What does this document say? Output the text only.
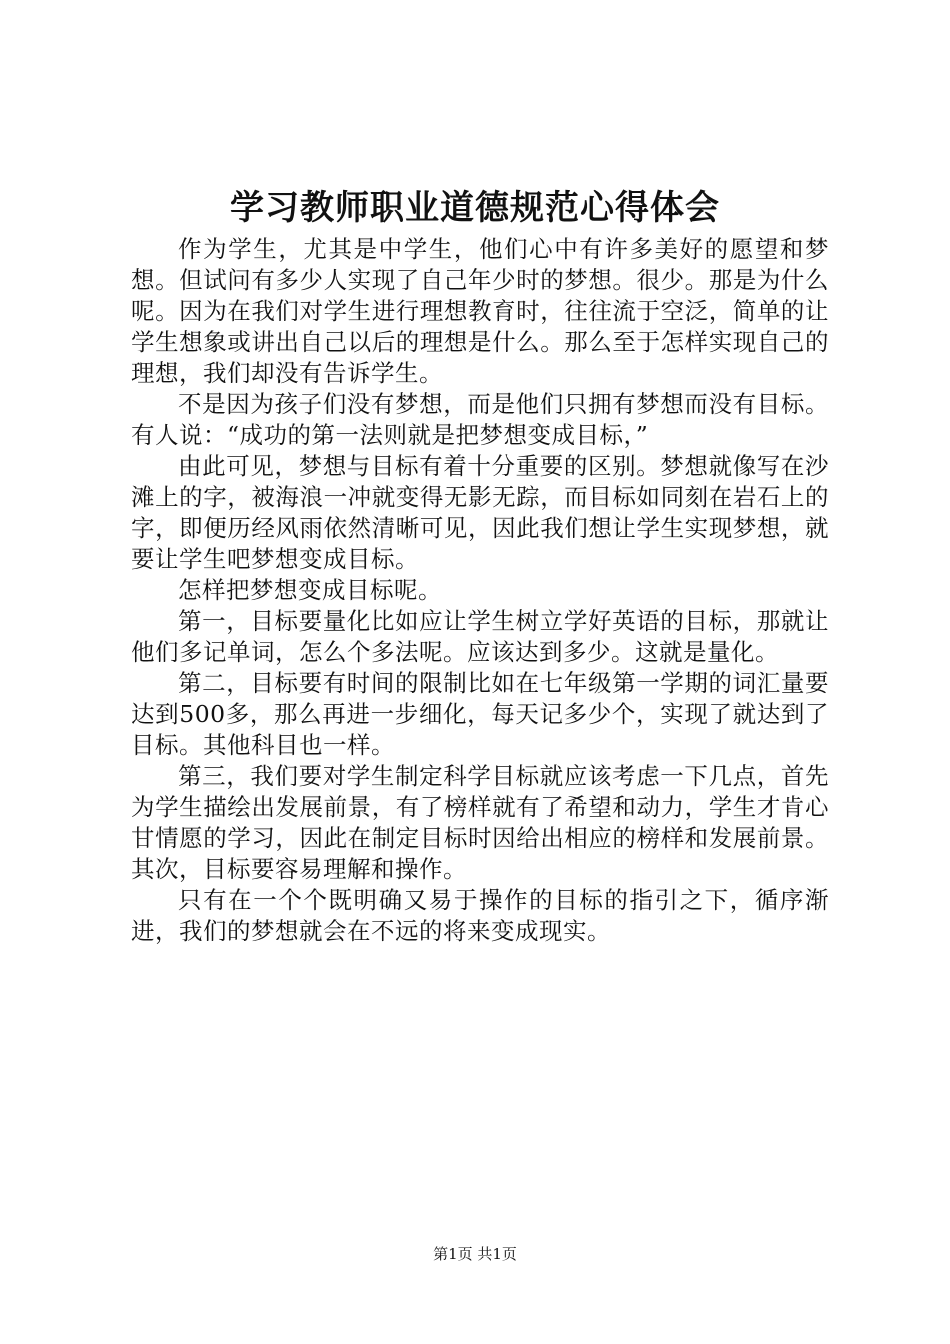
学习教师职业道德规范心得体会

作为学生，尤其是中学生，他们心中有许多美好的愿望和梦想。但试问有多少人实现了自己年少时的梦想。很少。那是为什么呢。因为在我们对学生进行理想教育时，往往流于空泛，简单的让学生想象或讲出自己以后的理想是什么。那么至于怎样实现自己的理想，我们却没有告诉学生。

不是因为孩子们没有梦想，而是他们只拥有梦想而没有目标。有人说：“成功的第一法则就是把梦想变成目标，”

由此可见，梦想与目标有着十分重要的区别。梦想就像写在沙滩上的字，被海浪一冲就变得无影无踪，而目标如同刻在岩石上的字，即便历经风雨依然清晰可见，因此我们想让学生实现梦想，就要让学生吧梦想变成目标。

怎样把梦想变成目标呢。

第一，目标要量化比如应让学生树立学好英语的目标，那就让他们多记单词，怎么个多法呢。应该达到多少。这就是量化。

第二，目标要有时间的限制比如在七年级第一学期的词汇量要达到500多，那么再进一步细化，每天记多少个，实现了就达到了目标。其他科目也一样。

第三，我们要对学生制定科学目标就应该考虑一下几点，首先为学生描绘出发展前景，有了榜样就有了希望和动力，学生才肯心甘情愿的学习，因此在制定目标时因给出相应的榜样和发展前景。其次，目标要容易理解和操作。

只有在一个个既明确又易于操作的目标的指引之下，循序渐进，我们的梦想就会在不远的将来变成现实。

第1页 共1页
